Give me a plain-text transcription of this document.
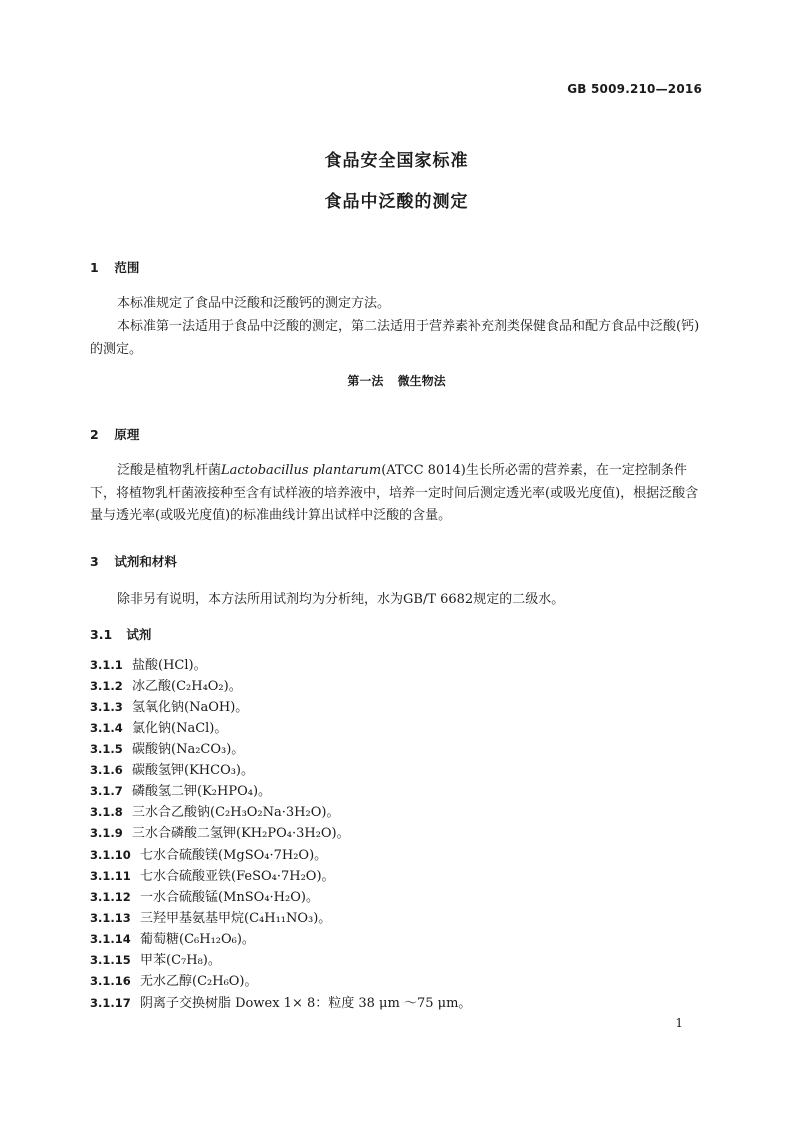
GB 5009.210—2016
食品安全国家标准
食品中泛酸的测定
1 范围
本标准规定了食品中泛酸和泛酸钙的测定方法。
本标准第一法适用于食品中泛酸的测定，第二法适用于营养素补充剂类保健食品和配方食品中泛酸(钙)的测定。
第一法 微生物法
2 原理
泛酸是植物乳杆菌Lactobacillus plantarum(ATCC 8014)生长所必需的营养素，在一定控制条件下，将植物乳杆菌液接种至含有试样液的培养液中，培养一定时间后测定透光率(或吸光度值)，根据泛酸含量与透光率(或吸光度值)的标准曲线计算出试样中泛酸的含量。
3 试剂和材料
除非另有说明，本方法所用试剂均为分析纯，水为GB/T 6682规定的二级水。
3.1 试剂
3.1.1 盐酸(HCl)。
3.1.2 冰乙酸(C₂H₄O₂)。
3.1.3 氢氧化钠(NaOH)。
3.1.4 氯化钠(NaCl)。
3.1.5 碳酸钠(Na₂CO₃)。
3.1.6 碳酸氢钾(KHCO₃)。
3.1.7 磷酸氢二钾(K₂HPO₄)。
3.1.8 三水合乙酸钠(C₂H₃O₂Na·3H₂O)。
3.1.9 三水合磷酸二氢钾(KH₂PO₄·3H₂O)。
3.1.10 七水合硫酸镁(MgSO₄·7H₂O)。
3.1.11 七水合硫酸亚铁(FeSO₄·7H₂O)。
3.1.12 一水合硫酸锰(MnSO₄·H₂O)。
3.1.13 三羟甲基氨基甲烷(C₄H₁₁NO₃)。
3.1.14 葡萄糖(C₆H₁₂O₆)。
3.1.15 甲苯(C₇H₈)。
3.1.16 无水乙醇(C₂H₆O)。
3.1.17 阴离子交换树脂 Dowex 1× 8：粒度 38 μm ～75 μm。
1
